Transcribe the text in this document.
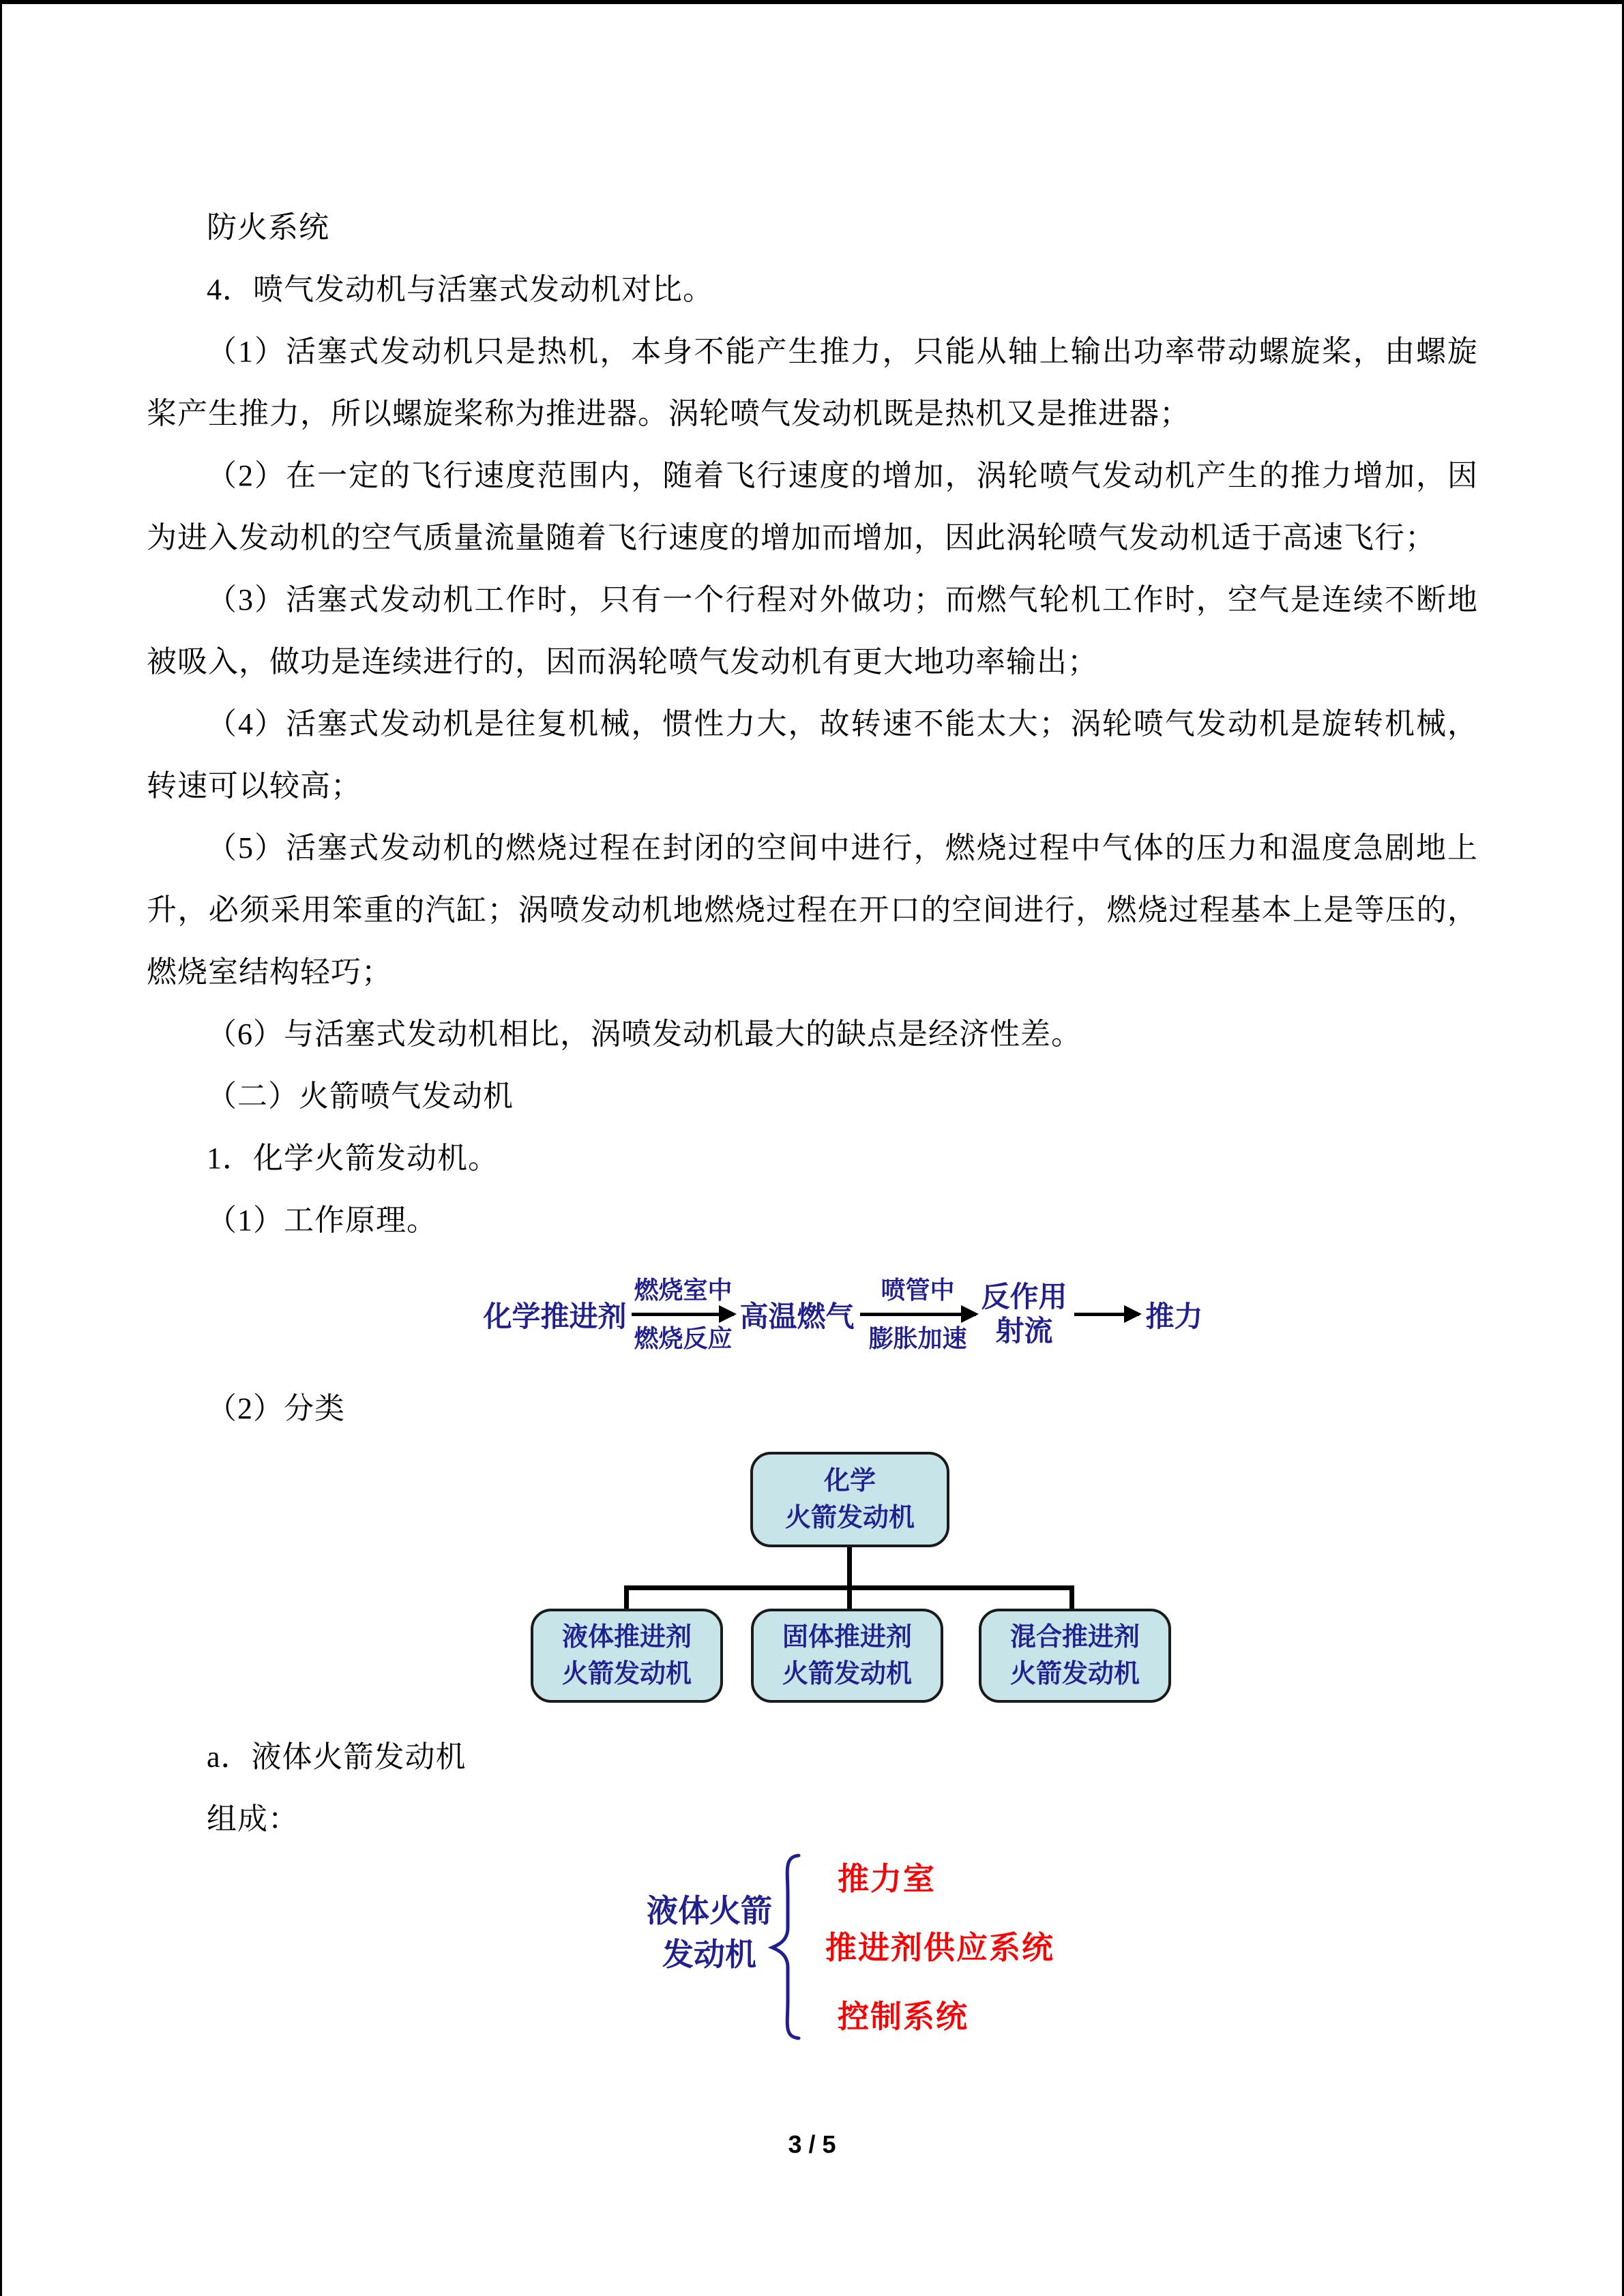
防火系统

4．喷气发动机与活塞式发动机对比。

（1）活塞式发动机只是热机，本身不能产生推力，只能从轴上输出功率带动螺旋桨，由螺旋桨产生推力，所以螺旋桨称为推进器。涡轮喷气发动机既是热机又是推进器；

（2）在一定的飞行速度范围内，随着飞行速度的增加，涡轮喷气发动机产生的推力增加，因为进入发动机的空气质量流量随着飞行速度的增加而增加，因此涡轮喷气发动机适于高速飞行；

（3）活塞式发动机工作时，只有一个行程对外做功；而燃气轮机工作时，空气是连续不断地被吸入，做功是连续进行的，因而涡轮喷气发动机有更大地功率输出；

（4）活塞式发动机是往复机械，惯性力大，故转速不能太大；涡轮喷气发动机是旋转机械，转速可以较高；

（5）活塞式发动机的燃烧过程在封闭的空间中进行，燃烧过程中气体的压力和温度急剧地上升，必须采用笨重的汽缸；涡喷发动机地燃烧过程在开口的空间进行，燃烧过程基本上是等压的，燃烧室结构轻巧；

（6）与活塞式发动机相比，涡喷发动机最大的缺点是经济性差。

（二）火箭喷气发动机

1．化学火箭发动机。

（1）工作原理。

化学推进剂
燃烧室中
燃烧反应
高温燃气
喷管中
膨胀加速
反作用
射流	推力

（2）分类

化学
火箭发动机
液体推进剂
火箭发动机
固体推进剂
火箭发动机
混合推进剂
火箭发动机

a．液体火箭发动机

组成：

液体火箭
发动机
推力室
推进剂供应系统
控制系统
3 / 5
